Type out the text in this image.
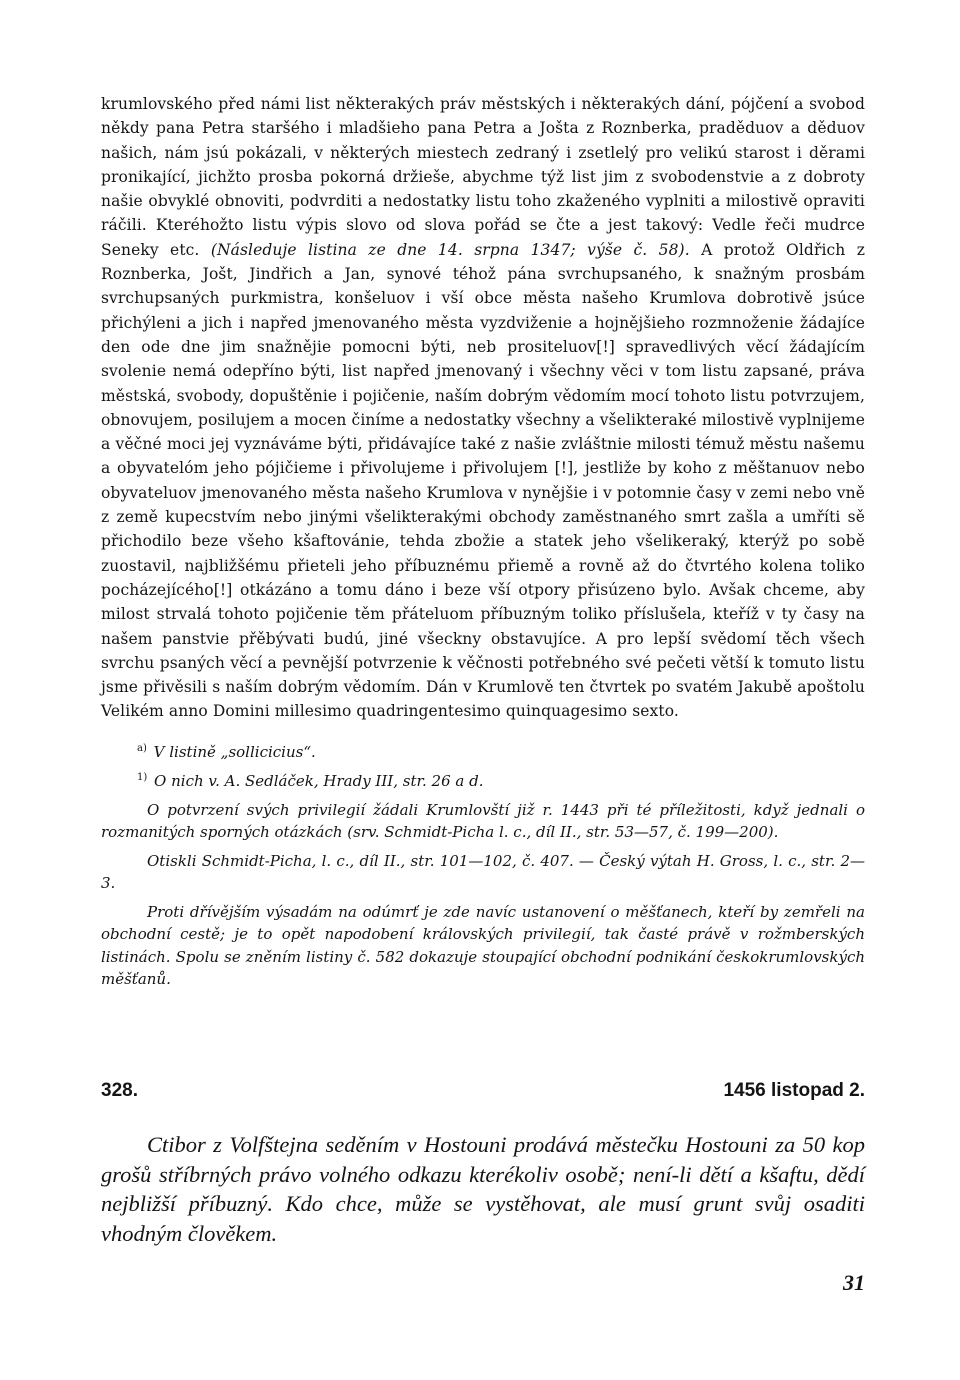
krumlovského před námi list některakých práv městských i některakých dání, pójčení a svobod někdy pana Petra staršého i mladšieho pana Petra a Jošta z Roznberka, praděduov a děduov našich, nám jsú pokázali, v některých miestech zedraný i zsetlelý pro velikú starost i děrami pronikající, jichžto prosba pokorná držieše, abychme týž list jim z svobodenstvie a z dobroty našie obvyklé obnoviti, podvrditi a nedostatky listu toho zkaženého vyplniti a milostivě opraviti ráčili. Kteréhožto listu výpis slovo od slova pořád se čte a jest takový: Vedle řeči mudrce Seneky etc. (Následuje listina ze dne 14. srpna 1347; výše č. 58). A protož Oldřich z Roznberka, Jošt, Jindřich a Jan, synové téhož pána svrchupsaného, k snažným prosbám svrchupsaných purkmistra, konšeluov i vší obce města našeho Krumlova dobrotivě jsúce přichýleni a jich i napřed jmenovaného města vyzdviženie a hojnějšieho rozmnoženie žádajíce den ode dne jim snažnějie pomocni býti, neb prositeluov[!] spravedlivých věcí žádajícím svolenie nemá odepříno býti, list napřed jmenovaný i všechny věci v tom listu zapsané, práva městská, svobody, dopuštěnie i pojičenie, naším dobrým vědomím mocí tohoto listu potvrzujem, obnovujem, posilujem a mocen činíme a nedostatky všechny a všelikteraké milostivě vyplnijeme a věčné moci jej vyznáváme býti, přidávajíce také z našie zvláštnie milosti témuž městu našemu a obyvatelóm jeho pójičieme i přivolujeme i přivolujem [!], jestliže by koho z měštanuov nebo obyvateluov jmenovaného města našeho Krumlova v nynějšie i v potomnie časy v zemi nebo vně z země kupecstvím nebo jinými všelikterakými obchody zaměstnaného smrt zašla a umříti sě přichodilo beze všeho kšaftovánie, tehda zbožie a statek jeho všelikeraký, kterýž po sobě zuostavil, najbližšému přieteli jeho příbuznému přiemě a rovně až do čtvrtého kolena toliko pocházejícého[!] otkázáno a tomu dáno i beze vší otpory přisúzeno bylo. Avšak chceme, aby milost strvalá tohoto pojičenie těm přáteluom příbuzným toliko příslušela, kteříž v ty časy na našem panstvie přěbývati budú, jiné všeckny obstavujíce. A pro lepší svědomí těch všech svrchu psaných věcí a pevnější potvrzenie k věčnosti potřebného své pečeti větší k tomuto listu jsme přivěsili s naším dobrým vědomím. Dán v Krumlově ten čtvrtek po svatém Jakubě apoštolu Velikém anno Domini millesimo quadringentesimo quinquagesimo sexto.

$^{a)}$ V listině „sollicicius“.

$^{1)}$ O nich v. A. Sedláček, Hrady III, str. 26 a d.

O potvrzení svých privilegií žádali Krumlovští již r. 1443 při té příležitosti, když jednali o rozmanitých sporných otázkách (srv. Schmidt-Picha l. c., díl II., str. 53—57, č. 199—200).

Otiskli Schmidt-Picha, l. c., díl II., str. 101—102, č. 407. — Český výtah H. Gross, l. c., str. 2—3.

Proti dřívějším výsadám na odúmrť je zde navíc ustanovení o měšťanech, kteří by zemřeli na obchodní cestě; je to opět napodobení královských privilegií, tak časté právě v rožmberských listinách. Spolu se zněním listiny č. 582 dokazuje stoupající obchodní podnikání českokrumlovských měšťanů.

328.	1456 listopad 2.

Ctibor z Volfštejna seděním v Hostouni prodává městečku Hostouni za 50 kop grošů stříbrných právo volného odkazu kterékoliv osobě; není-li dětí a kšaftu, dědí nejbližší příbuzný. Kdo chce, může se vystěhovat, ale musí grunt svůj osaditi vhodným člověkem.

31
